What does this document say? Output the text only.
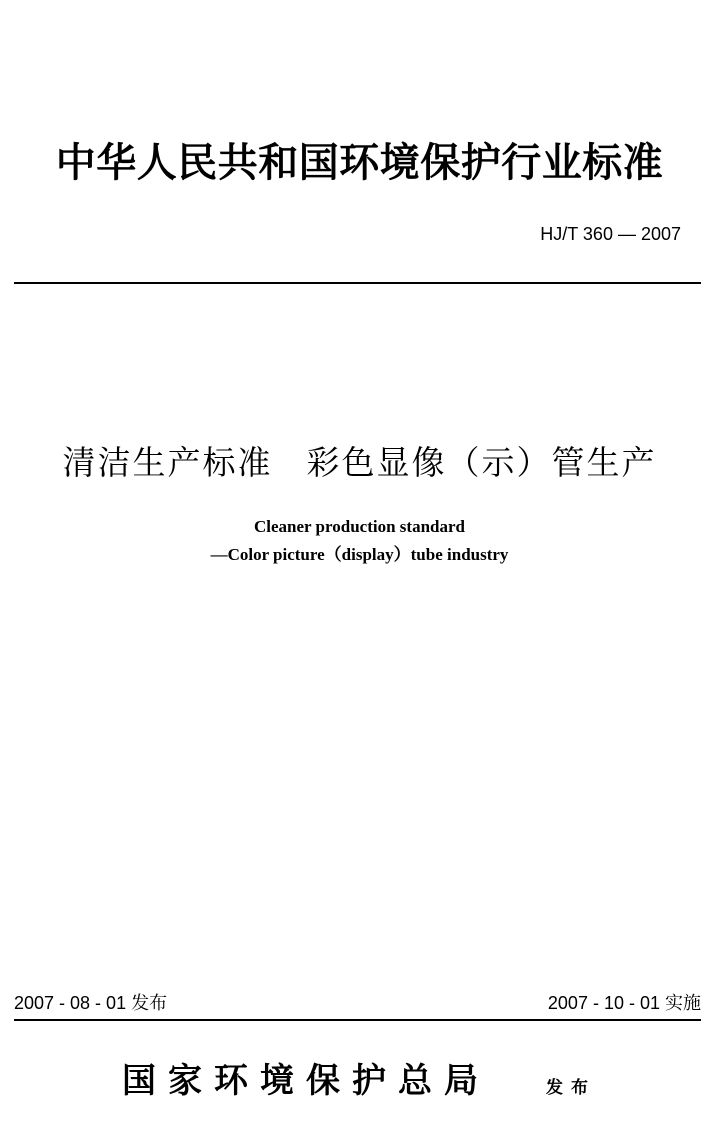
中华人民共和国环境保护行业标准
HJ/T 360 — 2007
清洁生产标准 彩色显像（示）管生产
Cleaner production standard
—Color picture（display）tube industry
2007 - 08 - 01 发布	2007 - 10 - 01 实施
国家环境保护总局	发布
